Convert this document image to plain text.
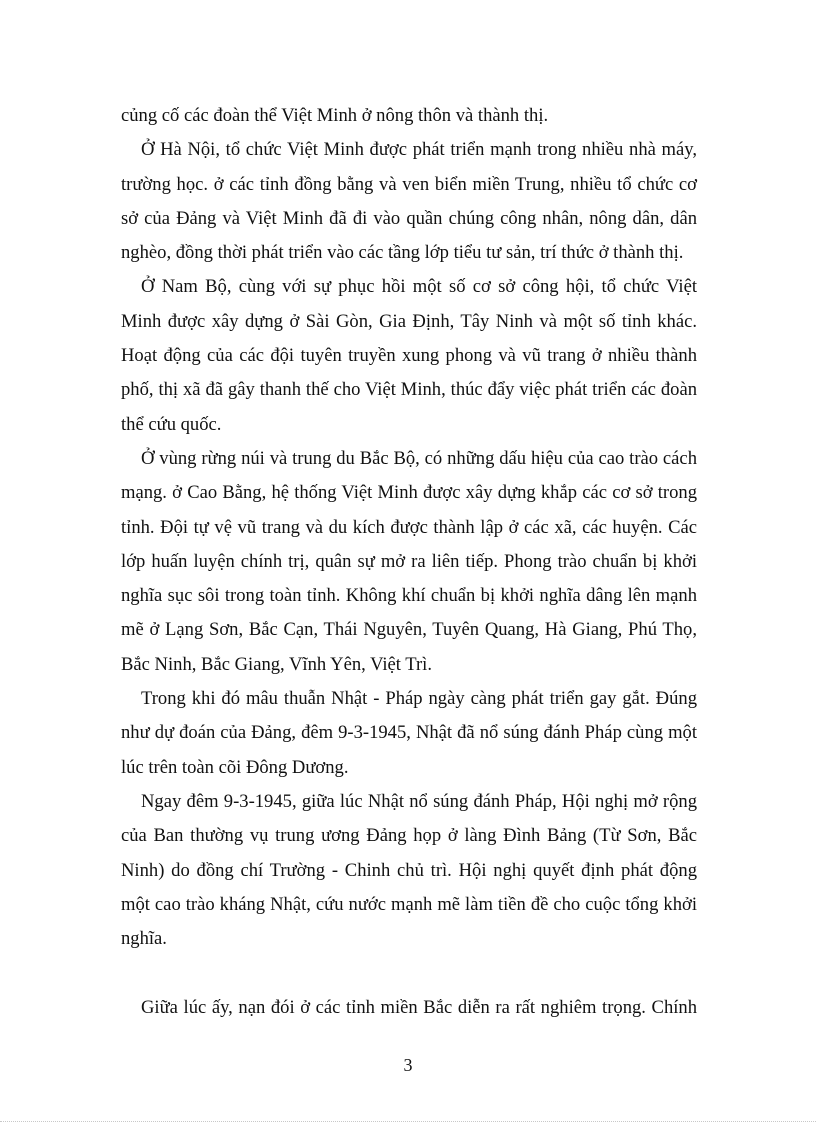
củng cố các đoàn thể Việt Minh ở nông thôn và thành thị.
Ở Hà Nội, tổ chức Việt Minh được phát triển mạnh trong nhiều nhà máy,
trường học. ở các tỉnh đồng bằng và ven biển miền Trung, nhiều tổ chức cơ
sở của Đảng và Việt Minh đã đi vào quần chúng công nhân, nông dân, dân
nghèo, đồng thời phát triển vào các tầng lớp tiểu tư sản, trí thức ở thành thị.
Ở Nam Bộ, cùng với sự phục hồi một số cơ sở công hội, tổ chức Việt
Minh được xây dựng ở Sài Gòn, Gia Định, Tây Ninh và một số tỉnh khác.
Hoạt động của các đội tuyên truyền xung phong và vũ trang ở nhiều thành
phố, thị xã đã gây thanh thế cho Việt Minh, thúc đẩy việc phát triển các đoàn
thể cứu quốc.
Ở vùng rừng núi và trung du Bắc Bộ, có những dấu hiệu của cao trào cách
mạng. ở Cao Bằng, hệ thống Việt Minh được xây dựng khắp các cơ sở trong
tỉnh. Đội tự vệ vũ trang và du kích được thành lập ở các xã, các huyện. Các
lớp huấn luyện chính trị, quân sự mở ra liên tiếp. Phong trào chuẩn bị khởi
nghĩa sục sôi trong toàn tỉnh. Không khí chuẩn bị khởi nghĩa dâng lên mạnh
mẽ ở Lạng Sơn, Bắc Cạn, Thái Nguyên, Tuyên Quang, Hà Giang, Phú Thọ,
Bắc Ninh, Bắc Giang, Vĩnh Yên, Việt Trì.
Trong khi đó mâu thuẫn Nhật - Pháp ngày càng phát triển gay gắt. Đúng
như dự đoán của Đảng, đêm 9-3-1945, Nhật đã nổ súng đánh Pháp cùng một
lúc trên toàn cõi Đông Dương.
Ngay đêm 9-3-1945, giữa lúc Nhật nổ súng đánh Pháp, Hội nghị mở rộng
của Ban thường vụ trung ương Đảng họp ở làng Đình Bảng (Từ Sơn, Bắc
Ninh) do đồng chí Trường - Chinh chủ trì. Hội nghị quyết định phát động
một cao trào kháng Nhật, cứu nước mạnh mẽ làm tiền đề cho cuộc tổng khởi
nghĩa.
Giữa lúc ấy, nạn đói ở các tỉnh miền Bắc diễn ra rất nghiêm trọng. Chính
3
